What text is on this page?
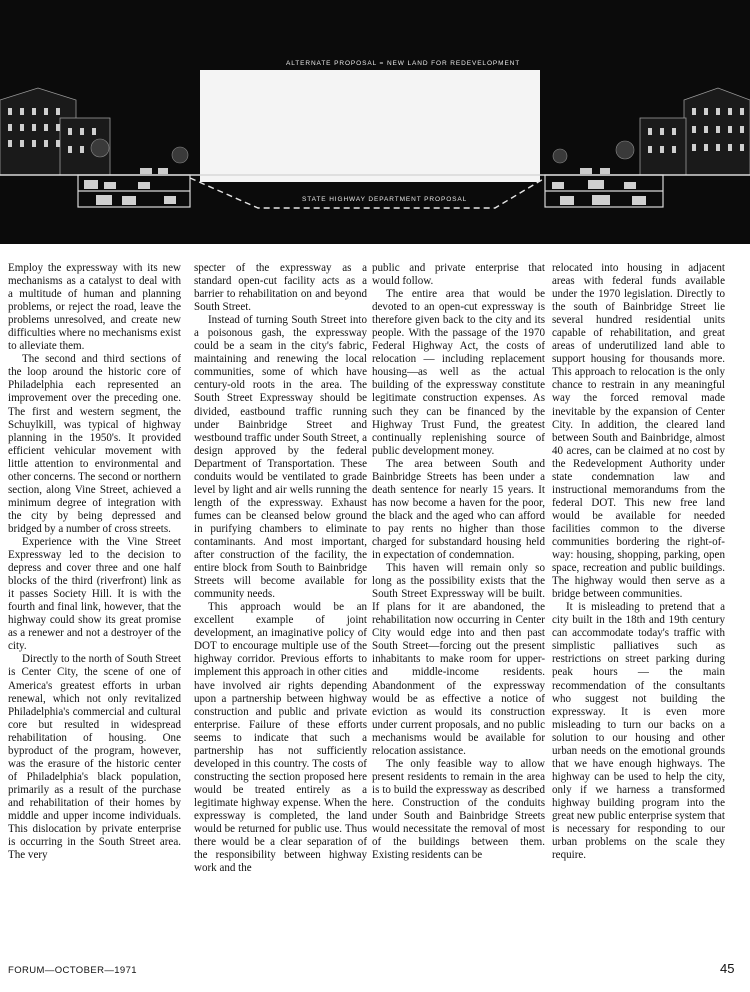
ALTERNATE PROPOSAL = NEW LAND FOR REDEVELOPMENT
STATE HIGHWAY DEPARTMENT PROPOSAL

Employ the expressway with its new mechanisms as a catalyst to deal with a multitude of human and planning problems, or reject the road, leave the problems unresolved, and create new difficulties where no mechanisms exist to alleviate them.

The second and third sections of the loop around the historic core of Philadelphia each represented an improvement over the preceding one. The first and western segment, the Schuylkill, was typical of highway planning in the 1950's. It provided efficient vehicular movement with little attention to environmental and other concerns. The second or northern section, along Vine Street, achieved a minimum degree of integration with the city by being depressed and bridged by a number of cross streets.

Experience with the Vine Street Expressway led to the decision to depress and cover three and one half blocks of the third (riverfront) link as it passes Society Hill. It is with the fourth and final link, however, that the highway could show its great promise as a renewer and not a destroyer of the city.

Directly to the north of South Street is Center City, the scene of one of America's greatest efforts in urban renewal, which not only revitalized Philadelphia's commercial and cultural core but resulted in widespread rehabilitation of housing. One byproduct of the program, however, was the erasure of the historic center of Philadelphia's black population, primarily as a result of the purchase and rehabilitation of their homes by middle and upper income individuals. This dislocation by private enterprise is occurring in the South Street area. The very

specter of the expressway as a standard open-cut facility acts as a barrier to rehabilitation on and beyond South Street.

Instead of turning South Street into a poisonous gash, the expressway could be a seam in the city's fabric, maintaining and renewing the local communities, some of which have century-old roots in the area. The South Street Expressway should be divided, eastbound traffic running under Bainbridge Street and westbound traffic under South Street, a design approved by the federal Department of Transportation. These conduits would be ventilated to grade level by light and air wells running the length of the expressway. Exhaust fumes can be cleansed below ground in purifying chambers to eliminate contaminants. And most important, after construction of the facility, the entire block from South to Bainbridge Streets will become available for community needs.

This approach would be an excellent example of joint development, an imaginative policy of DOT to encourage multiple use of the highway corridor. Previous efforts to implement this approach in other cities have involved air rights depending upon a partnership between highway construction and public and private enterprise. Failure of these efforts seems to indicate that such a partnership has not sufficiently developed in this country. The costs of constructing the section proposed here would be treated entirely as a legitimate highway expense. When the expressway is completed, the land would be returned for public use. Thus there would be a clear separation of the responsibility between highway work and the

public and private enterprise that would follow.

The entire area that would be devoted to an open-cut expressway is therefore given back to the city and its people. With the passage of the 1970 Federal Highway Act, the costs of relocation — including replacement housing—as well as the actual building of the expressway constitute legitimate construction expenses. As such they can be financed by the Highway Trust Fund, the greatest continually replenishing source of public development money.

The area between South and Bainbridge Streets has been under a death sentence for nearly 15 years. It has now become a haven for the poor, the black and the aged who can afford to pay rents no higher than those charged for substandard housing held in expectation of condemnation.

This haven will remain only so long as the possibility exists that the South Street Expressway will be built. If plans for it are abandoned, the rehabilitation now occurring in Center City would edge into and then past South Street—forcing out the present inhabitants to make room for upper- and middle-income residents. Abandonment of the expressway would be as effective a notice of eviction as would its construction under current proposals, and no public mechanisms would be available for relocation assistance.

The only feasible way to allow present residents to remain in the area is to build the expressway as described here. Construction of the conduits under South and Bainbridge Streets would necessitate the removal of most of the buildings between them. Existing residents can be

relocated into housing in adjacent areas with federal funds available under the 1970 legislation. Directly to the south of Bainbridge Street lie several hundred residential units capable of rehabilitation, and great areas of underutilized land able to support housing for thousands more. This approach to relocation is the only chance to restrain in any meaningful way the forced removal made inevitable by the expansion of Center City. In addition, the cleared land between South and Bainbridge, almost 40 acres, can be claimed at no cost by the Redevelopment Authority under state condemnation law and instructional memorandums from the federal DOT. This new free land would be available for needed facilities common to the diverse communities bordering the right-of-way: housing, shopping, parking, open space, recreation and public buildings. The highway would then serve as a bridge between communities.

It is misleading to pretend that a city built in the 18th and 19th century can accommodate today's traffic with simplistic palliatives such as restrictions on street parking during peak hours — the main recommendation of the consultants who suggest not building the expressway. It is even more misleading to turn our backs on a solution to our housing and other urban needs on the emotional grounds that we have enough highways. The highway can be used to help the city, only if we harness a transformed highway building program into the great new public enterprise system that is necessary for responding to our urban problems on the scale they require.

FORUM—OCTOBER—1971	45
